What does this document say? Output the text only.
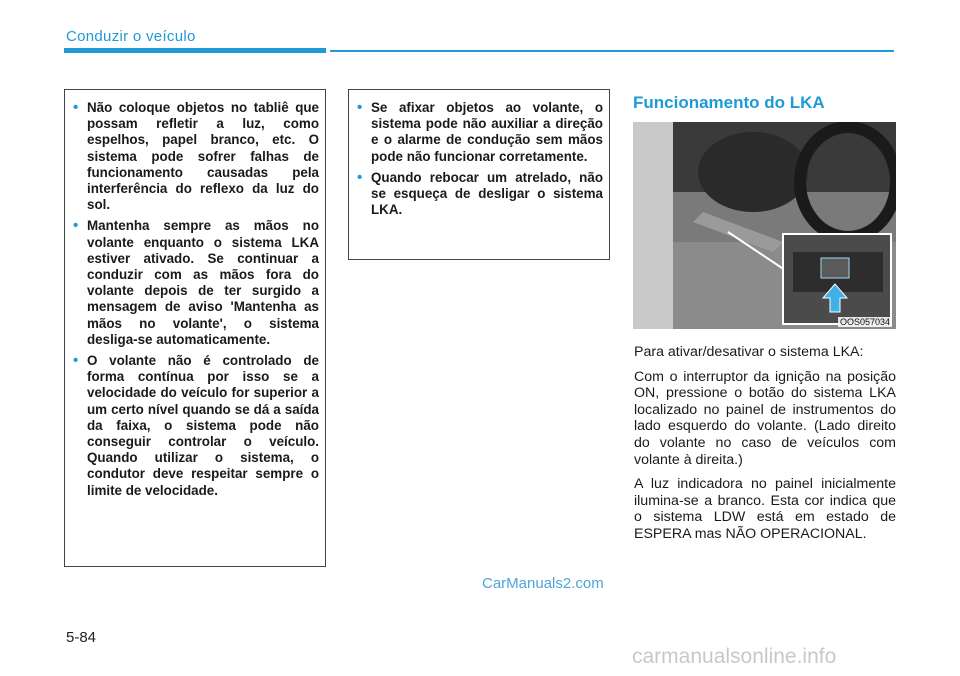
Conduzir o veículo
• Não coloque objetos no tabliê que possam refletir a luz, como espelhos, papel branco, etc. O sistema pode sofrer falhas de funcionamento causadas pela interferência do reflexo da luz do sol.
• Mantenha sempre as mãos no volante enquanto o sistema LKA estiver ativado. Se continuar a conduzir com as mãos fora do volante depois de ter surgido a mensagem de aviso 'Mantenha as mãos no volante', o sistema desliga-se automaticamente.
• O volante não é controlado de forma contínua por isso se a velocidade do veículo for superior a um certo nível quando se dá a saída da faixa, o sistema pode não conseguir controlar o veículo. Quando utilizar o sistema, o condutor deve respeitar sempre o limite de velocidade.
• Se afixar objetos ao volante, o sistema pode não auxiliar a direção e o alarme de condução sem mãos pode não funcionar corretamente.
• Quando rebocar um atrelado, não se esqueça de desligar o sistema LKA.
Funcionamento do LKA
OOS057034

Para ativar/desativar o sistema LKA:

Com o interruptor da ignição na posição ON, pressione o botão do sistema LKA localizado no painel de instrumentos do lado esquerdo do volante. (Lado direito do volante no caso de veículos com volante à direita.)

A luz indicadora no painel inicialmente ilumina-se a branco. Esta cor indica que o sistema LDW está em estado de ESPERA mas NÃO OPERACIONAL.

CarManuals2.com
5-84
carmanualsonline.info
